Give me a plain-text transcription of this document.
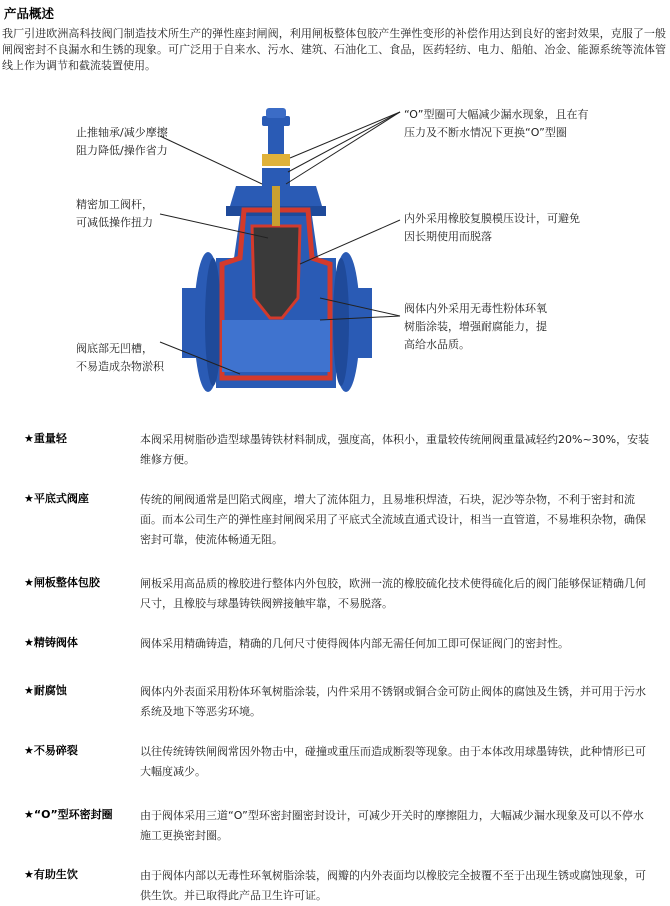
产品概述
我厂引进欧洲高科技阀门制造技术所生产的弹性座封闸阀，利用闸板整体包胶产生弹性变形的补偿作用达到良好的密封效果，克服了一般闸阀密封不良漏水和生锈的现象。可广泛用于自来水、污水、建筑、石油化工、食品，医药轻纺、电力、船舶、冶金、能源系统等流体管线上作为调节和截流装置使用。
止推轴承/减少摩擦
阻力降低/操作省力
精密加工阀杆，
可减低操作扭力
阀底部无凹槽，
不易造成杂物淤积
“O”型圈可大幅减少漏水现象，且在有
压力及不断水情况下更换“O”型圈
内外采用橡胶复膜模压设计，可避免
因长期使用而脱落
阀体内外采用无毒性粉体环氧
树脂涂装，增强耐腐能力，提
高给水品质。
★重量轻	本阀采用树脂砂造型球墨铸铁材料制成，强度高，体积小，重量较传统闸阀重量减轻约20%~30%，安装维修方便。
★平底式阀座	传统的闸阀通常是凹陷式阀座，增大了流体阻力，且易堆积焊渣，石块，泥沙等杂物，不利于密封和流面。而本公司生产的弹性座封闸阀采用了平底式全流域直通式设计，相当一直管道，不易堆积杂物，确保密封可靠，使流体畅通无阻。
★闸板整体包胶	闸板采用高品质的橡胶进行整体内外包胶，欧洲一流的橡胶硫化技术使得硫化后的阀门能够保证精确几何尺寸，且橡胶与球墨铸铁阀辨接触牢靠，不易脱落。
★精铸阀体	阀体采用精确铸造，精确的几何尺寸使得阀体内部无需任何加工即可保证阀门的密封性。
★耐腐蚀	阀体内外表面采用粉体环氧树脂涂装，内件采用不锈钢或铜合金可防止阀体的腐蚀及生锈，并可用于污水系统及地下等恶劣环境。
★不易碎裂	以往传统铸铁闸阀常因外物击中，碰撞或重压而造成断裂等现象。由于本体改用球墨铸铁，此种情形已可大幅度减少。
★“O”型环密封圈 由于阀体采用三道“O”型环密封圈密封设计，可减少开关时的摩擦阻力，大幅减少漏水现象及可以不停水施工更换密封圈。
★有助生饮	由于阀体内部以无毒性环氧树脂涂装，阀瓣的内外表面均以橡胶完全披覆不至于出现生锈或腐蚀现象，可供生饮。并已取得此产品卫生许可证。
